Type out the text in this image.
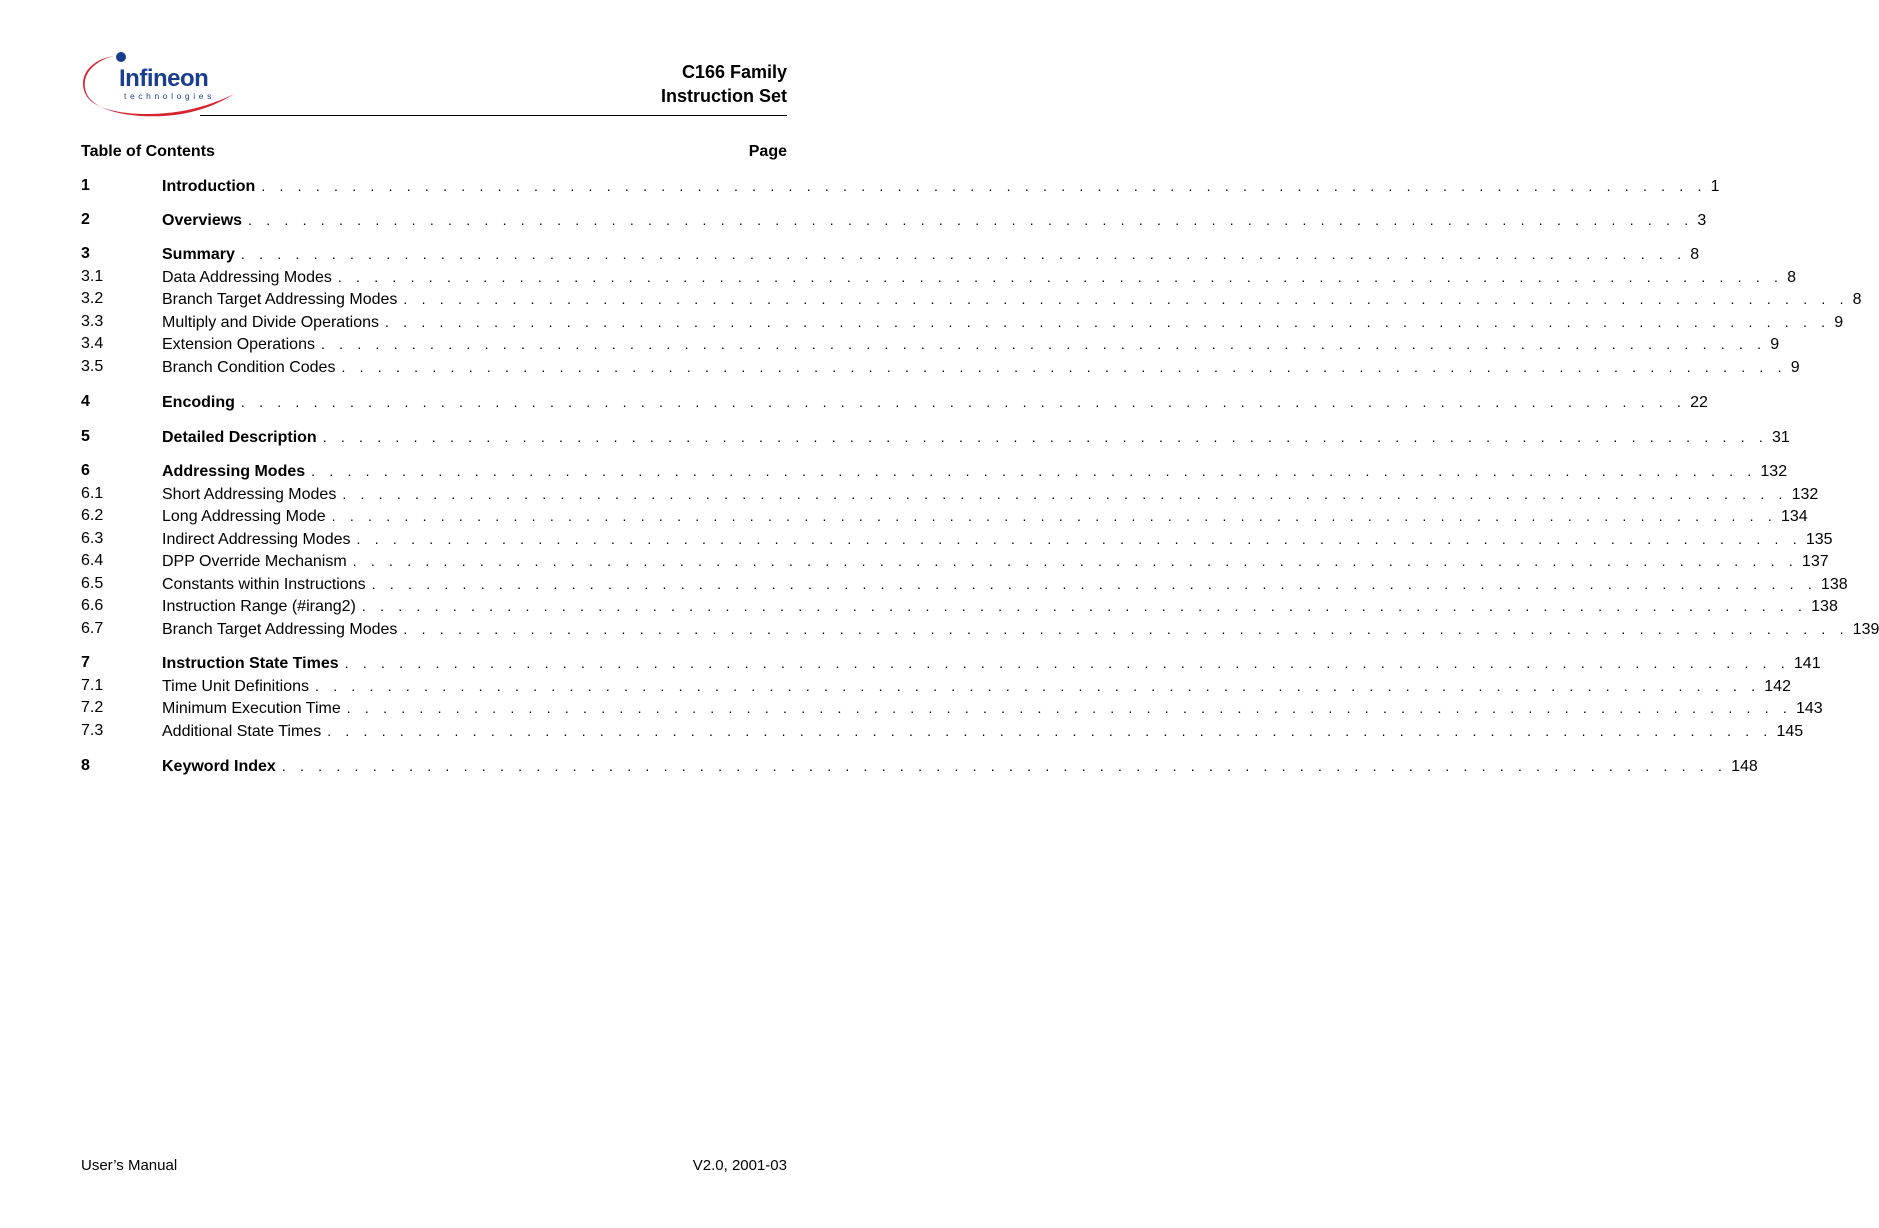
Infineon
technologies
C166 Family
Instruction Set
Table of Contents	Page
1	Introduction . . . . . . . . . . . . . . . . . . . . . . . . . . . . . . . . . . . . . . . . . . . . . . . . . . . . . . . . . . . . . . . . . . . . . . . . . . . . . . . . 1
2	Overviews . . . . . . . . . . . . . . . . . . . . . . . . . . . . . . . . . . . . . . . . . . . . . . . . . . . . . . . . . . . . . . . . . . . . . . . . . . . . . . . . 3
3	Summary . . . . . . . . . . . . . . . . . . . . . . . . . . . . . . . . . . . . . . . . . . . . . . . . . . . . . . . . . . . . . . . . . . . . . . . . . . . . . . . . 8
3.1	Data Addressing Modes . . . . . . . . . . . . . . . . . . . . . . . . . . . . . . . . . . . . . . . . . . . . . . . . . . . . . . . . . . . . . . . . . . . . . . . . . . . . . . . . 8
3.2	Branch Target Addressing Modes . . . . . . . . . . . . . . . . . . . . . . . . . . . . . . . . . . . . . . . . . . . . . . . . . . . . . . . . . . . . . . . . . . . . . . . . . . . . . . . . 8
3.3	Multiply and Divide Operations . . . . . . . . . . . . . . . . . . . . . . . . . . . . . . . . . . . . . . . . . . . . . . . . . . . . . . . . . . . . . . . . . . . . . . . . . . . . . . . . 9
3.4	Extension Operations . . . . . . . . . . . . . . . . . . . . . . . . . . . . . . . . . . . . . . . . . . . . . . . . . . . . . . . . . . . . . . . . . . . . . . . . . . . . . . . . 9
3.5	Branch Condition Codes . . . . . . . . . . . . . . . . . . . . . . . . . . . . . . . . . . . . . . . . . . . . . . . . . . . . . . . . . . . . . . . . . . . . . . . . . . . . . . . . 9
4	Encoding . . . . . . . . . . . . . . . . . . . . . . . . . . . . . . . . . . . . . . . . . . . . . . . . . . . . . . . . . . . . . . . . . . . . . . . . . . . . . . . . 22
5	Detailed Description . . . . . . . . . . . . . . . . . . . . . . . . . . . . . . . . . . . . . . . . . . . . . . . . . . . . . . . . . . . . . . . . . . . . . . . . . . . . . . . . 31
6	Addressing Modes . . . . . . . . . . . . . . . . . . . . . . . . . . . . . . . . . . . . . . . . . . . . . . . . . . . . . . . . . . . . . . . . . . . . . . . . . . . . . . . . 132
6.1	Short Addressing Modes . . . . . . . . . . . . . . . . . . . . . . . . . . . . . . . . . . . . . . . . . . . . . . . . . . . . . . . . . . . . . . . . . . . . . . . . . . . . . . . . 132
6.2	Long Addressing Mode . . . . . . . . . . . . . . . . . . . . . . . . . . . . . . . . . . . . . . . . . . . . . . . . . . . . . . . . . . . . . . . . . . . . . . . . . . . . . . . . 134
6.3	Indirect Addressing Modes . . . . . . . . . . . . . . . . . . . . . . . . . . . . . . . . . . . . . . . . . . . . . . . . . . . . . . . . . . . . . . . . . . . . . . . . . . . . . . . . 135
6.4	DPP Override Mechanism . . . . . . . . . . . . . . . . . . . . . . . . . . . . . . . . . . . . . . . . . . . . . . . . . . . . . . . . . . . . . . . . . . . . . . . . . . . . . . . . 137
6.5	Constants within Instructions . . . . . . . . . . . . . . . . . . . . . . . . . . . . . . . . . . . . . . . . . . . . . . . . . . . . . . . . . . . . . . . . . . . . . . . . . . . . . . . . 138
6.6	Instruction Range (#irang2) . . . . . . . . . . . . . . . . . . . . . . . . . . . . . . . . . . . . . . . . . . . . . . . . . . . . . . . . . . . . . . . . . . . . . . . . . . . . . . . . 138
6.7	Branch Target Addressing Modes . . . . . . . . . . . . . . . . . . . . . . . . . . . . . . . . . . . . . . . . . . . . . . . . . . . . . . . . . . . . . . . . . . . . . . . . . . . . . . . . 139
7	Instruction State Times . . . . . . . . . . . . . . . . . . . . . . . . . . . . . . . . . . . . . . . . . . . . . . . . . . . . . . . . . . . . . . . . . . . . . . . . . . . . . . . . 141
7.1	Time Unit Definitions . . . . . . . . . . . . . . . . . . . . . . . . . . . . . . . . . . . . . . . . . . . . . . . . . . . . . . . . . . . . . . . . . . . . . . . . . . . . . . . . 142
7.2	Minimum Execution Time . . . . . . . . . . . . . . . . . . . . . . . . . . . . . . . . . . . . . . . . . . . . . . . . . . . . . . . . . . . . . . . . . . . . . . . . . . . . . . . . 143
7.3	Additional State Times . . . . . . . . . . . . . . . . . . . . . . . . . . . . . . . . . . . . . . . . . . . . . . . . . . . . . . . . . . . . . . . . . . . . . . . . . . . . . . . . 145
8	Keyword Index . . . . . . . . . . . . . . . . . . . . . . . . . . . . . . . . . . . . . . . . . . . . . . . . . . . . . . . . . . . . . . . . . . . . . . . . . . . . . . . . 148
User’s Manual	V2.0, 2001-03
